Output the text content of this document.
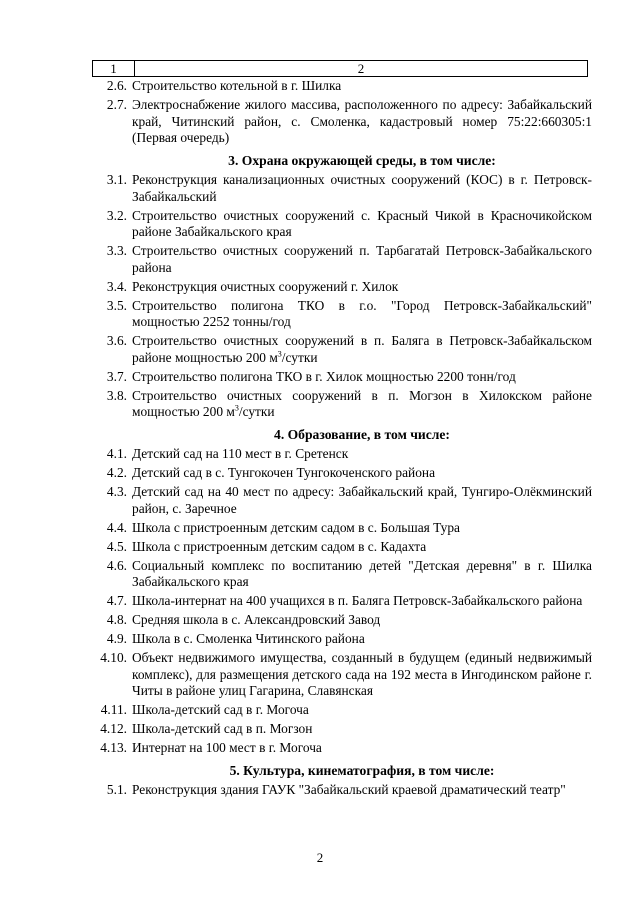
1	2
2.6. Строительство котельной в г. Шилка
2.7. Электроснабжение жилого массива, расположенного по адресу: Забайкальский край, Читинский район, с. Смоленка, кадастровый номер 75:22:660305:1 (Первая очередь)
3. Охрана окружающей среды, в том числе:
3.1. Реконструкция канализационных очистных сооружений (КОС) в г. Петровск-Забайкальский
3.2. Строительство очистных сооружений с. Красный Чикой в Красночикойском районе Забайкальского края
3.3. Строительство очистных сооружений п. Тарбагатай Петровск-Забайкальского района
3.4. Реконструкция очистных сооружений г. Хилок
3.5. Строительство полигона ТКО в г.о. "Город Петровск-Забайкальский" мощностью 2252 тонны/год
3.6. Строительство очистных сооружений в п. Баляга в Петровск-Забайкальском районе мощностью 200 $м^3$/сутки
3.7. Строительство полигона ТКО в г. Хилок мощностью 2200 тонн/год
3.8. Строительство очистных сооружений в п. Могзон в Хилокском районе мощностью 200 $м^3$/сутки
4. Образование, в том числе:
4.1. Детский сад на 110 мест в г. Сретенск
4.2. Детский сад в с. Тунгокочен Тунгокоченского района
4.3. Детский сад на 40 мест по адресу: Забайкальский край, Тунгиро-Олёкминский район, с. Заречное
4.4. Школа с пристроенным детским садом в с. Большая Тура
4.5. Школа с пристроенным детским садом в с. Кадахта
4.6. Социальный комплекс по воспитанию детей "Детская деревня" в г. Шилка Забайкальского края
4.7. Школа-интернат на 400 учащихся в п. Баляга Петровск-Забайкальского района
4.8. Средняя школа в с. Александровский Завод
4.9. Школа в с. Смоленка Читинского района
4.10. Объект недвижимого имущества, созданный в будущем (единый недвижимый комплекс), для размещения детского сада на 192 места в Ингодинском районе г. Читы в районе улиц Гагарина, Славянская
4.11. Школа-детский сад в г. Могоча
4.12. Школа-детский сад в п. Могзон
4.13. Интернат на 100 мест в г. Могоча
5. Культура, кинематография, в том числе:
5.1. Реконструкция здания ГАУК "Забайкальский краевой драматический театр"
2
